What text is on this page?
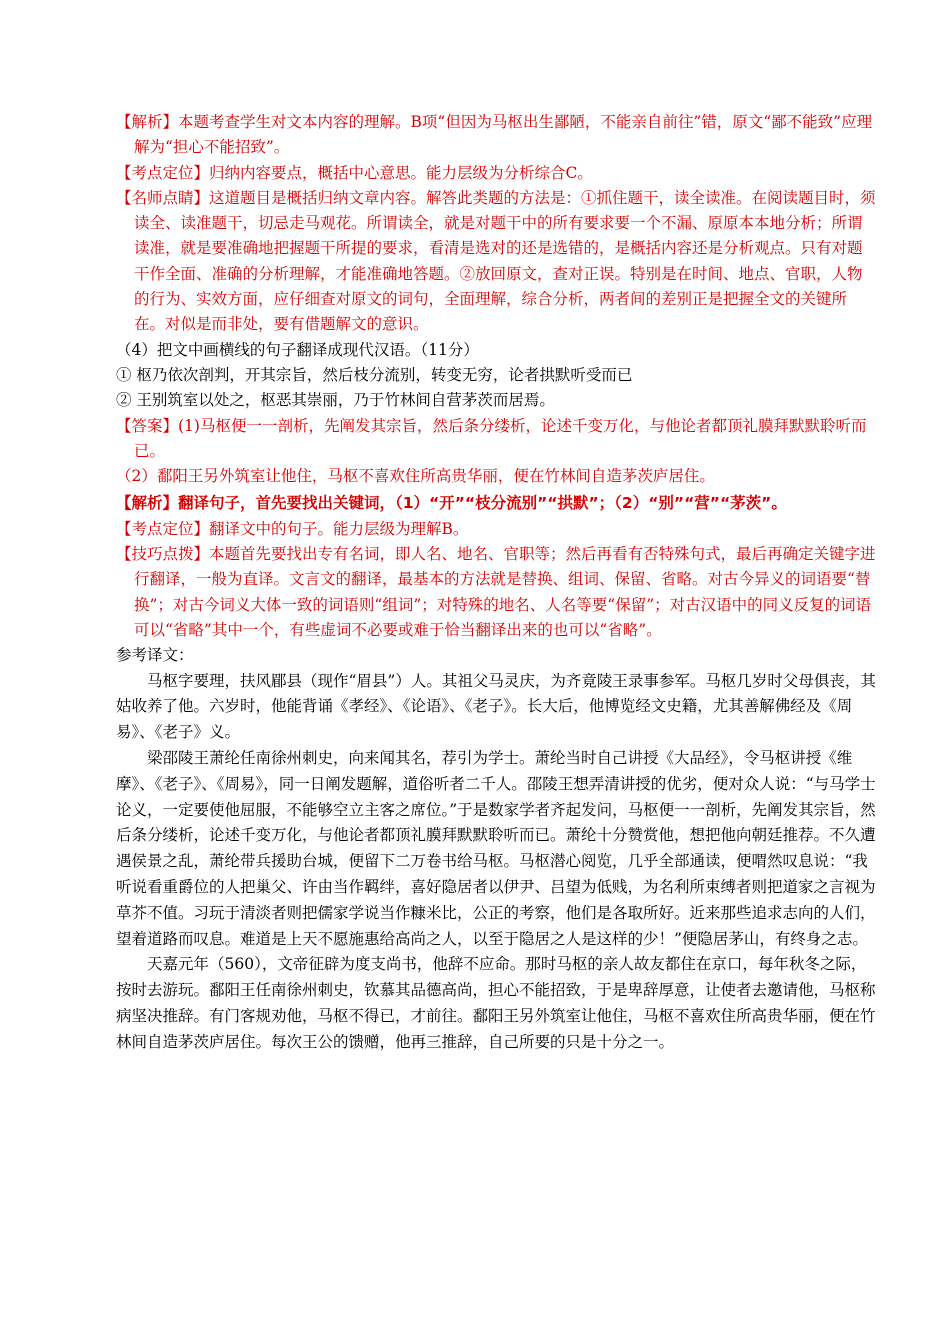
【解析】本题考查学生对文本内容的理解。B项“但因为马枢出生鄙陋，不能亲自前往”错，原文“鄙不能致”应理解为“担心不能招致”。

【考点定位】归纳内容要点，概括中心意思。能力层级为分析综合C。

【名师点睛】这道题目是概括归纳文章内容。解答此类题的方法是：①抓住题干，读全读准。在阅读题目时，须读全、读准题干，切忌走马观花。所谓读全，就是对题干中的所有要求要一个不漏、原原本本地分析；所谓读准，就是要准确地把握题干所提的要求，看清是选对的还是选错的，是概括内容还是分析观点。只有对题干作全面、准确的分析理解，才能准确地答题。②放回原文，查对正误。特别是在时间、地点、官职，人物的行为、实效方面，应仔细查对原文的词句，全面理解，综合分析，两者间的差别正是把握全文的关键所在。对似是而非处，要有借题解文的意识。

（4）把文中画横线的句子翻译成现代汉语。（11分）

① 枢乃依次剖判，开其宗旨，然后枝分流别，转变无穷，论者拱默听受而已

② 王别筑室以处之，枢恶其崇丽，乃于竹林间自营茅茨而居焉。

【答案】(1)马枢便一一剖析，先阐发其宗旨，然后条分缕析，论述千变万化，与他论者都顶礼膜拜默默聆听而已。

（2）鄱阳王另外筑室让他住，马枢不喜欢住所高贵华丽，便在竹林间自造茅茨庐居住。

【解析】翻译句子，首先要找出关键词，（1）“开”“枝分流别”“拱默”；（2）“别”“营”“茅茨”。

【考点定位】翻译文中的句子。能力层级为理解B。

【技巧点拨】本题首先要找出专有名词，即人名、地名、官职等；然后再看有否特殊句式，最后再确定关键字进行翻译，一般为直译。文言文的翻译，最基本的方法就是替换、组词、保留、省略。对古今异义的词语要“替换”；对古今词义大体一致的词语则“组词”；对特殊的地名、人名等要“保留”；对古汉语中的同义反复的词语可以“省略”其中一个，有些虚词不必要或难于恰当翻译出来的也可以“省略”。

参考译文：

马枢字要理，扶风郿县（现作“眉县”）人。其祖父马灵庆，为齐竟陵王录事参军。马枢几岁时父母俱丧，其姑收养了他。六岁时，他能背诵《孝经》、《论语》、《老子》。长大后，他博览经文史籍，尤其善解佛经及《周易》、《老子》义。

梁邵陵王萧纶任南徐州刺史，向来闻其名，荐引为学士。萧纶当时自己讲授《大品经》，令马枢讲授《维摩》、《老子》、《周易》，同一日阐发题解，道俗听者二千人。邵陵王想弄清讲授的优劣，便对众人说：“与马学士论义，一定要使他屈服，不能够空立主客之席位。”于是数家学者齐起发问，马枢便一一剖析，先阐发其宗旨，然后条分缕析，论述千变万化，与他论者都顶礼膜拜默默聆听而已。萧纶十分赞赏他，想把他向朝廷推荐。不久遭遇侯景之乱，萧纶带兵援助台城，便留下二万卷书给马枢。马枢潜心阅览，几乎全部通读，便喟然叹息说：“我听说看重爵位的人把巢父、许由当作羁绊，喜好隐居者以伊尹、吕望为低贱，为名利所束缚者则把道家之言视为草芥不值。习玩于清淡者则把儒家学说当作糠米比，公正的考察，他们是各取所好。近来那些追求志向的人们，望着道路而叹息。难道是上天不愿施惠给高尚之人，以至于隐居之人是这样的少！”便隐居茅山，有终身之志。

天嘉元年（560），文帝征辟为度支尚书，他辞不应命。那时马枢的亲人故友都住在京口，每年秋冬之际，按时去游玩。鄱阳王任南徐州刺史，钦慕其品德高尚，担心不能招致，于是卑辞厚意，让使者去邀请他，马枢称病坚决推辞。有门客规劝他，马枢不得已，才前往。鄱阳王另外筑室让他住，马枢不喜欢住所高贵华丽，便在竹林间自造茅茨庐居住。每次王公的馈赠，他再三推辞，自己所要的只是十分之一。
